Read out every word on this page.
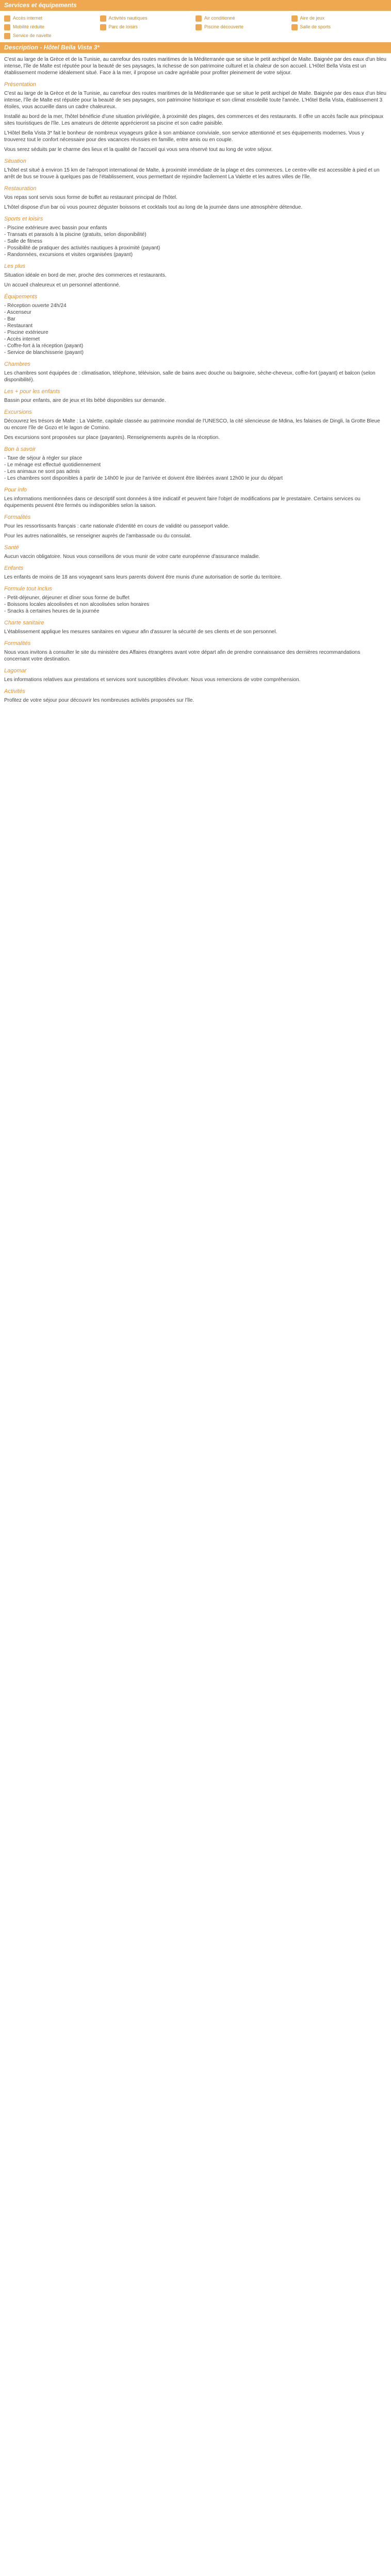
Services et équipements
Accès internet	Activités nautiques	Air conditionné	Aire de jeux
Mobilité réduite	Parc de loisirs	Piscine découverte	Salle de sports
Service de navette
Description - Hôtel Bella Vista 3*

C'est au large de la Grèce et de la Tunisie, au carrefour des routes maritimes de la Méditerranée que se situe le petit archipel de Malte. Baignée par des eaux d'un bleu intense, l'île de Malte est réputée pour la beauté de ses paysages, la richesse de son patrimoine culturel et la chaleur de son accueil. L'Hôtel Bella Vista est un établissement moderne idéalement situé. Face à la mer, il propose un cadre agréable pour profiter pleinement de votre séjour.

Présentation

C'est au large de la Grèce et de la Tunisie, au carrefour des routes maritimes de la Méditerranée que se situe le petit archipel de Malte. Baignée par des eaux d'un bleu intense, l'île de Malte est réputée pour la beauté de ses paysages, son patrimoine historique et son climat ensoleillé toute l'année. L'Hôtel Bella Vista, établissement 3 étoiles, vous accueille dans un cadre chaleureux.

Installé au bord de la mer, l'hôtel bénéficie d'une situation privilégiée, à proximité des plages, des commerces et des restaurants. Il offre un accès facile aux principaux sites touristiques de l'île. Les amateurs de détente apprécieront sa piscine et son cadre paisible.

L'Hôtel Bella Vista 3* fait le bonheur de nombreux voyageurs grâce à son ambiance conviviale, son service attentionné et ses équipements modernes. Vous y trouverez tout le confort nécessaire pour des vacances réussies en famille, entre amis ou en couple.

Vous serez séduits par le charme des lieux et la qualité de l'accueil qui vous sera réservé tout au long de votre séjour.

Situation

L'hôtel est situé à environ 15 km de l'aéroport international de Malte, à proximité immédiate de la plage et des commerces. Le centre-ville est accessible à pied et un arrêt de bus se trouve à quelques pas de l'établissement, vous permettant de rejoindre facilement La Valette et les autres villes de l'île.

Restauration

Vos repas sont servis sous forme de buffet au restaurant principal de l'hôtel.

L'hôtel dispose d'un bar où vous pourrez déguster boissons et cocktails tout au long de la journée dans une atmosphère détendue.

Sports et loisirs
- Piscine extérieure avec bassin pour enfants
- Transats et parasols à la piscine (gratuits, selon disponibilité)
- Salle de fitness
- Possibilité de pratiquer des activités nautiques à proximité (payant)
- Randonnées, excursions et visites organisées (payant)
Les plus

Situation idéale en bord de mer, proche des commerces et restaurants.

Un accueil chaleureux et un personnel attentionné.

Équipements
- Réception ouverte 24h/24
- Ascenseur
- Bar
- Restaurant
- Piscine extérieure
- Accès internet
- Coffre-fort à la réception (payant)
- Service de blanchisserie (payant)
Chambres

Les chambres sont équipées de : climatisation, téléphone, télévision, salle de bains avec douche ou baignoire, sèche-cheveux, coffre-fort (payant) et balcon (selon disponibilité).

Les + pour les enfants

Bassin pour enfants, aire de jeux et lits bébé disponibles sur demande.

Excursions

Découvrez les trésors de Malte : La Valette, capitale classée au patrimoine mondial de l'UNESCO, la cité silencieuse de Mdina, les falaises de Dingli, la Grotte Bleue ou encore l'île de Gozo et le lagon de Comino.

Des excursions sont proposées sur place (payantes). Renseignements auprès de la réception.

Bon à savoir
- Taxe de séjour à régler sur place
- Le ménage est effectué quotidiennement
- Les animaux ne sont pas admis
- Les chambres sont disponibles à partir de 14h00 le jour de l'arrivée et doivent être libérées avant 12h00 le jour du départ
Pour info

Les informations mentionnées dans ce descriptif sont données à titre indicatif et peuvent faire l'objet de modifications par le prestataire. Certains services ou équipements peuvent être fermés ou indisponibles selon la saison.

Formalités

Pour les ressortissants français : carte nationale d'identité en cours de validité ou passeport valide.

Pour les autres nationalités, se renseigner auprès de l'ambassade ou du consulat.

Santé

Aucun vaccin obligatoire. Nous vous conseillons de vous munir de votre carte européenne d'assurance maladie.

Enfants

Les enfants de moins de 18 ans voyageant sans leurs parents doivent être munis d'une autorisation de sortie du territoire.

Formule tout inclus
- Petit-déjeuner, déjeuner et dîner sous forme de buffet
- Boissons locales alcoolisées et non alcoolisées selon horaires
- Snacks à certaines heures de la journée
Charte sanitaire

L'établissement applique les mesures sanitaires en vigueur afin d'assurer la sécurité de ses clients et de son personnel.

Formalités

Nous vous invitons à consulter le site du ministère des Affaires étrangères avant votre départ afin de prendre connaissance des dernières recommandations concernant votre destination.

Lagomar

Les informations relatives aux prestations et services sont susceptibles d'évoluer. Nous vous remercions de votre compréhension.

Activités

Profitez de votre séjour pour découvrir les nombreuses activités proposées sur l'île.
